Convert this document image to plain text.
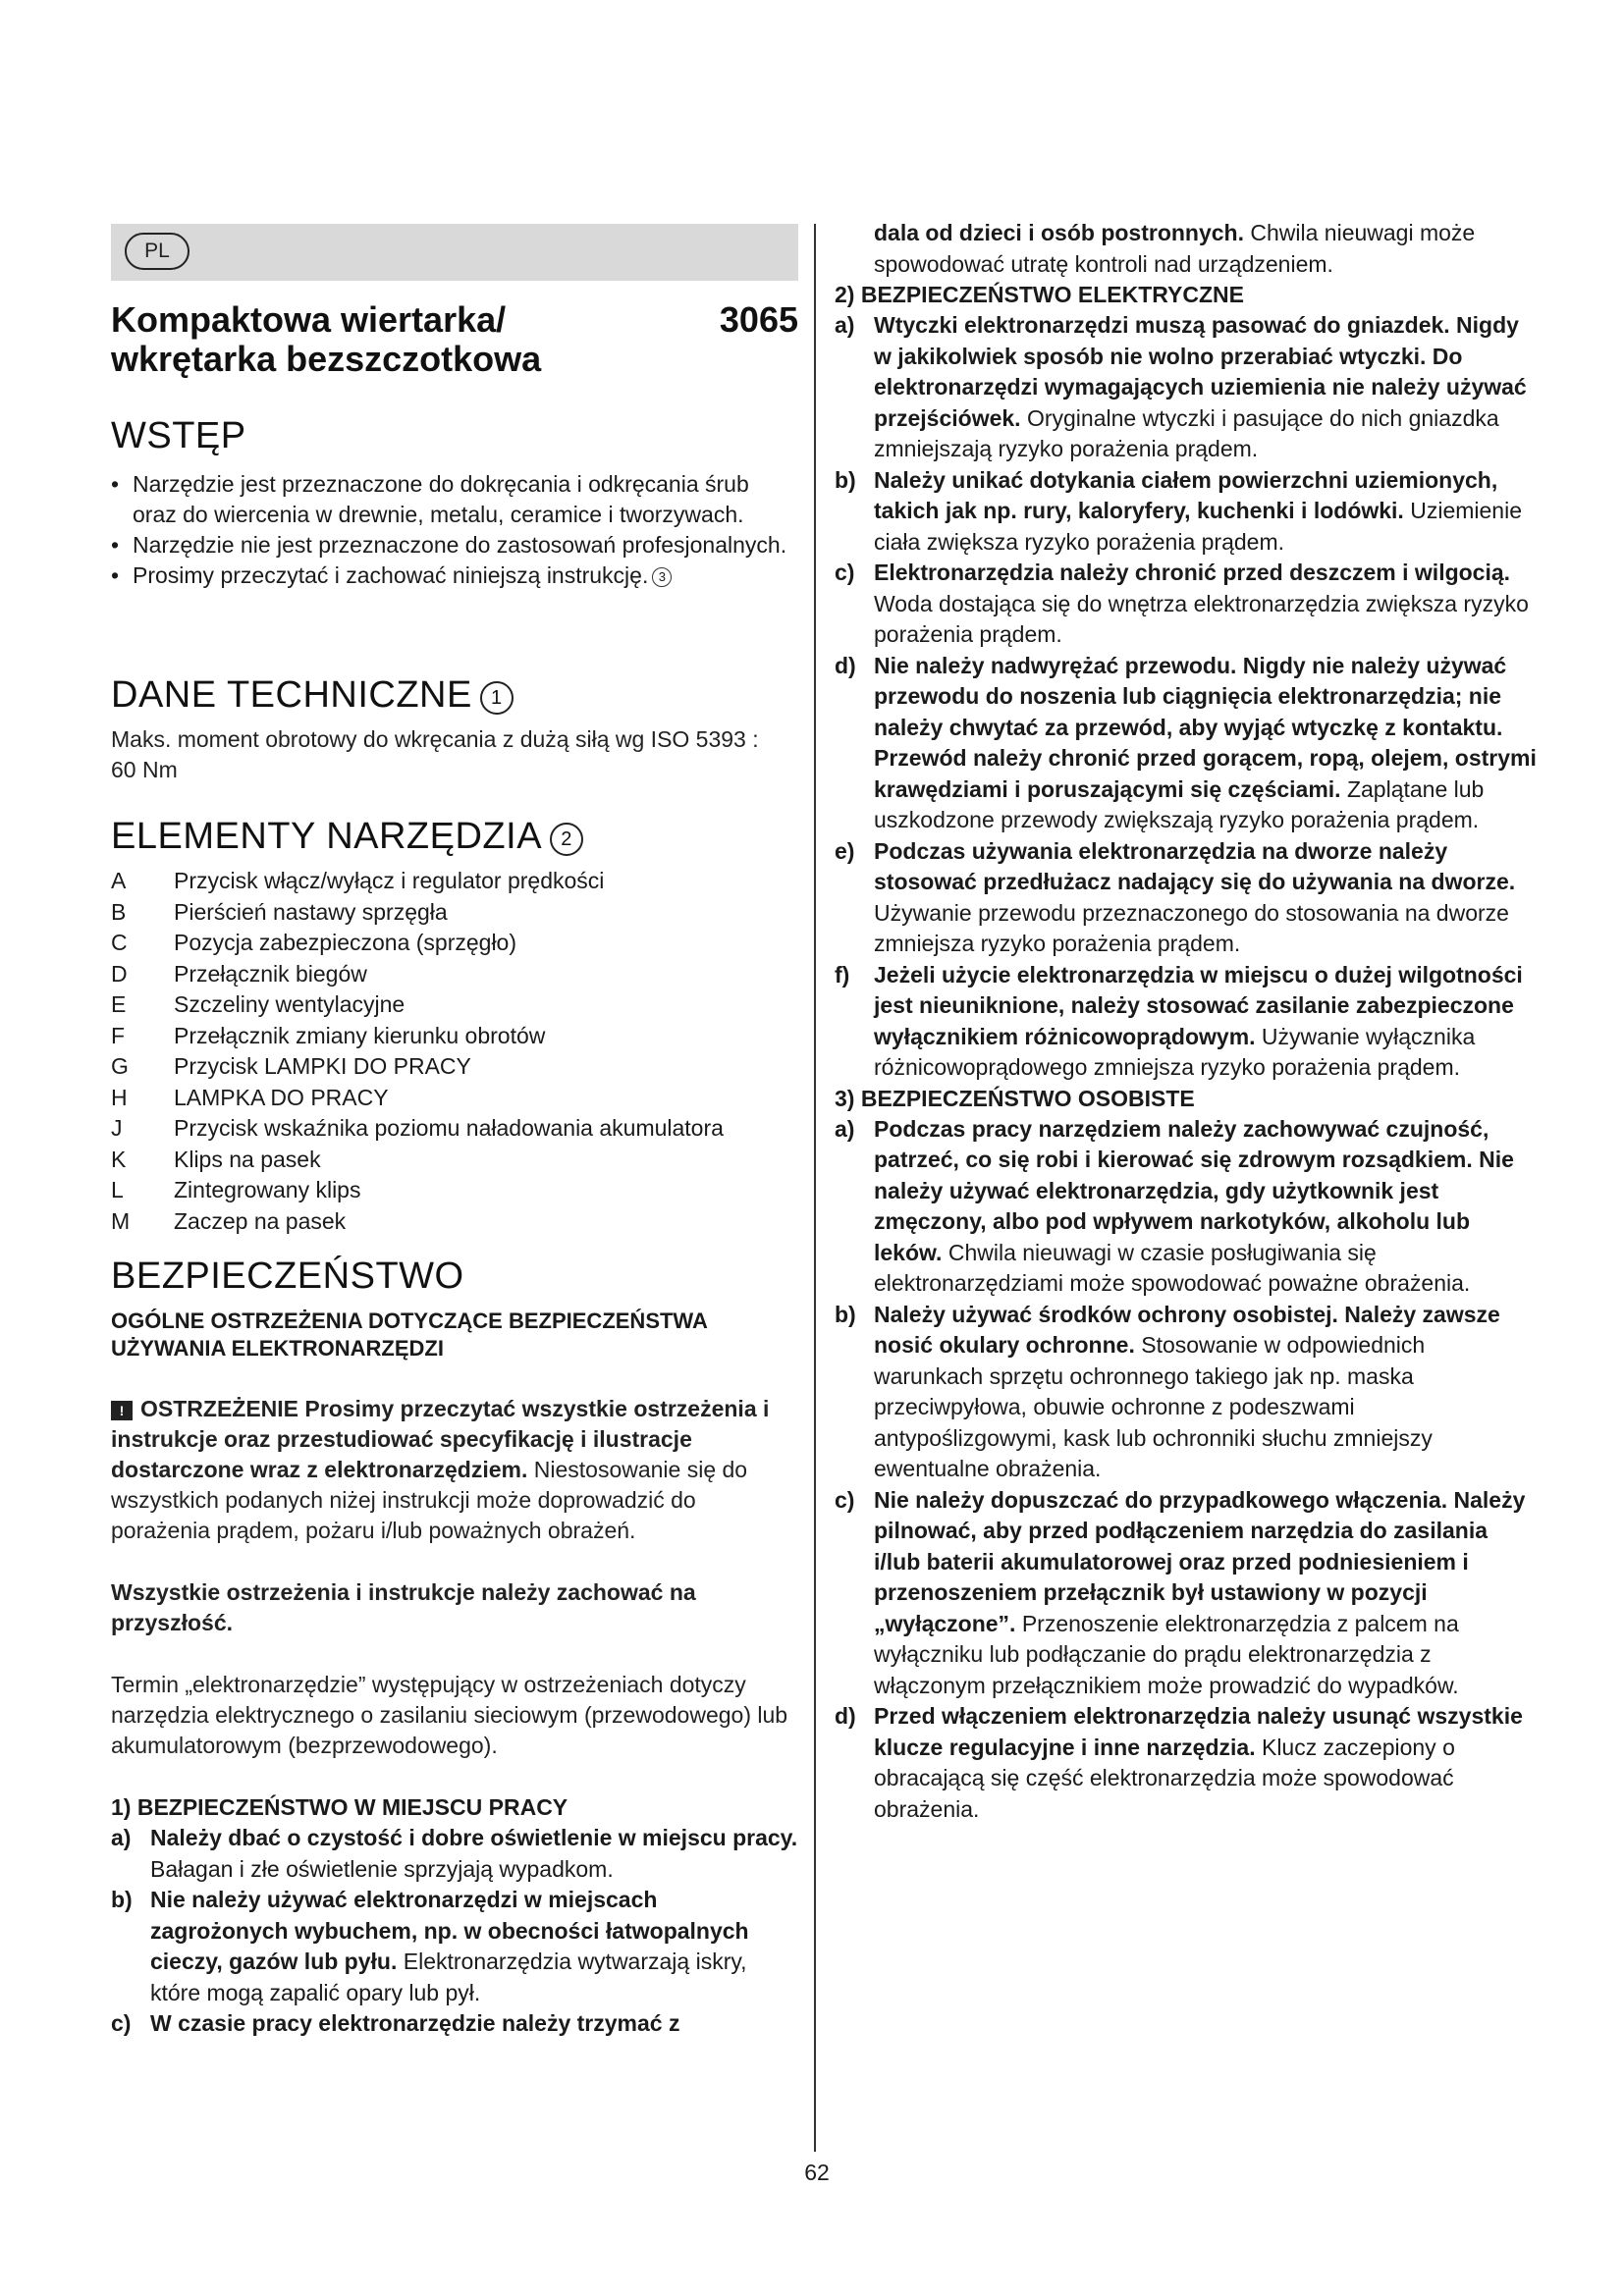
PL
Kompaktowa wiertarka/ wkrętarka bezszczotkowa
3065
WSTĘP
• Narzędzie jest przeznaczone do dokręcania i odkręcania śrub oraz do wiercenia w drewnie, metalu, ceramice i tworzywach.
• Narzędzie nie jest przeznaczone do zastosowań profesjonalnych.
• Prosimy przeczytać i zachować niniejszą instrukcję. 3
DANE TECHNICZNE 1
Maks. moment obrotowy do wkręcania z dużą siłą wg ISO 5393 : 60 Nm
ELEMENTY NARZĘDZIA 2
A Przycisk włącz/wyłącz i regulator prędkości
B Pierścień nastawy sprzęgła
C Pozycja zabezpieczona (sprzęgło)
D Przełącznik biegów
E Szczeliny wentylacyjne
F Przełącznik zmiany kierunku obrotów
G Przycisk LAMPKI DO PRACY
H LAMPKA DO PRACY
J Przycisk wskaźnika poziomu naładowania akumulatora
K Klips na pasek
L Zintegrowany klips
M Zaczep na pasek
BEZPIECZEŃSTWO
OGÓLNE OSTRZEŻENIA DOTYCZĄCE BEZPIECZEŃSTWA UŻYWANIA ELEKTRONARZĘDZI
! OSTRZEŻENIE Prosimy przeczytać wszystkie ostrzeżenia i instrukcje oraz przestudiować specyfikację i ilustracje dostarczone wraz z elektronarzędziem. Niestosowanie się do wszystkich podanych niżej instrukcji może doprowadzić do porażenia prądem, pożaru i/lub poważnych obrażeń.
Wszystkie ostrzeżenia i instrukcje należy zachować na przyszłość.
Termin „elektronarzędzie” występujący w ostrzeżeniach dotyczy narzędzia elektrycznego o zasilaniu sieciowym (przewodowego) lub akumulatorowym (bezprzewodowego).
1) BEZPIECZEŃSTWO W MIEJSCU PRACY
a) Należy dbać o czystość i dobre oświetlenie w miejscu pracy. Bałagan i złe oświetlenie sprzyjają wypadkom.
b) Nie należy używać elektronarzędzi w miejscach zagrożonych wybuchem, np. w obecności łatwopalnych cieczy, gazów lub pyłu. Elektronarzędzia wytwarzają iskry, które mogą zapalić opary lub pył.
c) W czasie pracy elektronarzędzie należy trzymać z
dala od dzieci i osób postronnych. Chwila nieuwagi może spowodować utratę kontroli nad urządzeniem.
2) BEZPIECZEŃSTWO ELEKTRYCZNE
a) Wtyczki elektronarzędzi muszą pasować do gniazdek. Nigdy w jakikolwiek sposób nie wolno przerabiać wtyczki. Do elektronarzędzi wymagających uziemienia nie należy używać przejściówek. Oryginalne wtyczki i pasujące do nich gniazdka zmniejszają ryzyko porażenia prądem.
b) Należy unikać dotykania ciałem powierzchni uziemionych, takich jak np. rury, kaloryfery, kuchenki i lodówki. Uziemienie ciała zwiększa ryzyko porażenia prądem.
c) Elektronarzędzia należy chronić przed deszczem i wilgocią. Woda dostająca się do wnętrza elektronarzędzia zwiększa ryzyko porażenia prądem.
d) Nie należy nadwyrężać przewodu. Nigdy nie należy używać przewodu do noszenia lub ciągnięcia elektronarzędzia; nie należy chwytać za przewód, aby wyjąć wtyczkę z kontaktu. Przewód należy chronić przed gorącem, ropą, olejem, ostrymi krawędziami i poruszającymi się częściami. Zaplątane lub uszkodzone przewody zwiększają ryzyko porażenia prądem.
e) Podczas używania elektronarzędzia na dworze należy stosować przedłużacz nadający się do używania na dworze. Używanie przewodu przeznaczonego do stosowania na dworze zmniejsza ryzyko porażenia prądem.
f) Jeżeli użycie elektronarzędzia w miejscu o dużej wilgotności jest nieuniknione, należy stosować zasilanie zabezpieczone wyłącznikiem różnicowoprądowym. Używanie wyłącznika różnicowoprądowego zmniejsza ryzyko porażenia prądem.
3) BEZPIECZEŃSTWO OSOBISTE
a) Podczas pracy narzędziem należy zachowywać czujność, patrzeć, co się robi i kierować się zdrowym rozsądkiem. Nie należy używać elektronarzędzia, gdy użytkownik jest zmęczony, albo pod wpływem narkotyków, alkoholu lub leków. Chwila nieuwagi w czasie posługiwania się elektronarzędziami może spowodować poważne obrażenia.
b) Należy używać środków ochrony osobistej. Należy zawsze nosić okulary ochronne. Stosowanie w odpowiednich warunkach sprzętu ochronnego takiego jak np. maska przeciwpyłowa, obuwie ochronne z podeszwami antypoślizgowymi, kask lub ochronniki słuchu zmniejszy ewentualne obrażenia.
c) Nie należy dopuszczać do przypadkowego włączenia. Należy pilnować, aby przed podłączeniem narzędzia do zasilania i/lub baterii akumulatorowej oraz przed podniesieniem i przenoszeniem przełącznik był ustawiony w pozycji „wyłączone”. Przenoszenie elektronarzędzia z palcem na wyłączniku lub podłączanie do prądu elektronarzędzia z włączonym przełącznikiem może prowadzić do wypadków.
d) Przed włączeniem elektronarzędzia należy usunąć wszystkie klucze regulacyjne i inne narzędzia. Klucz zaczepiony o obracającą się część elektronarzędzia może spowodować obrażenia.
62
